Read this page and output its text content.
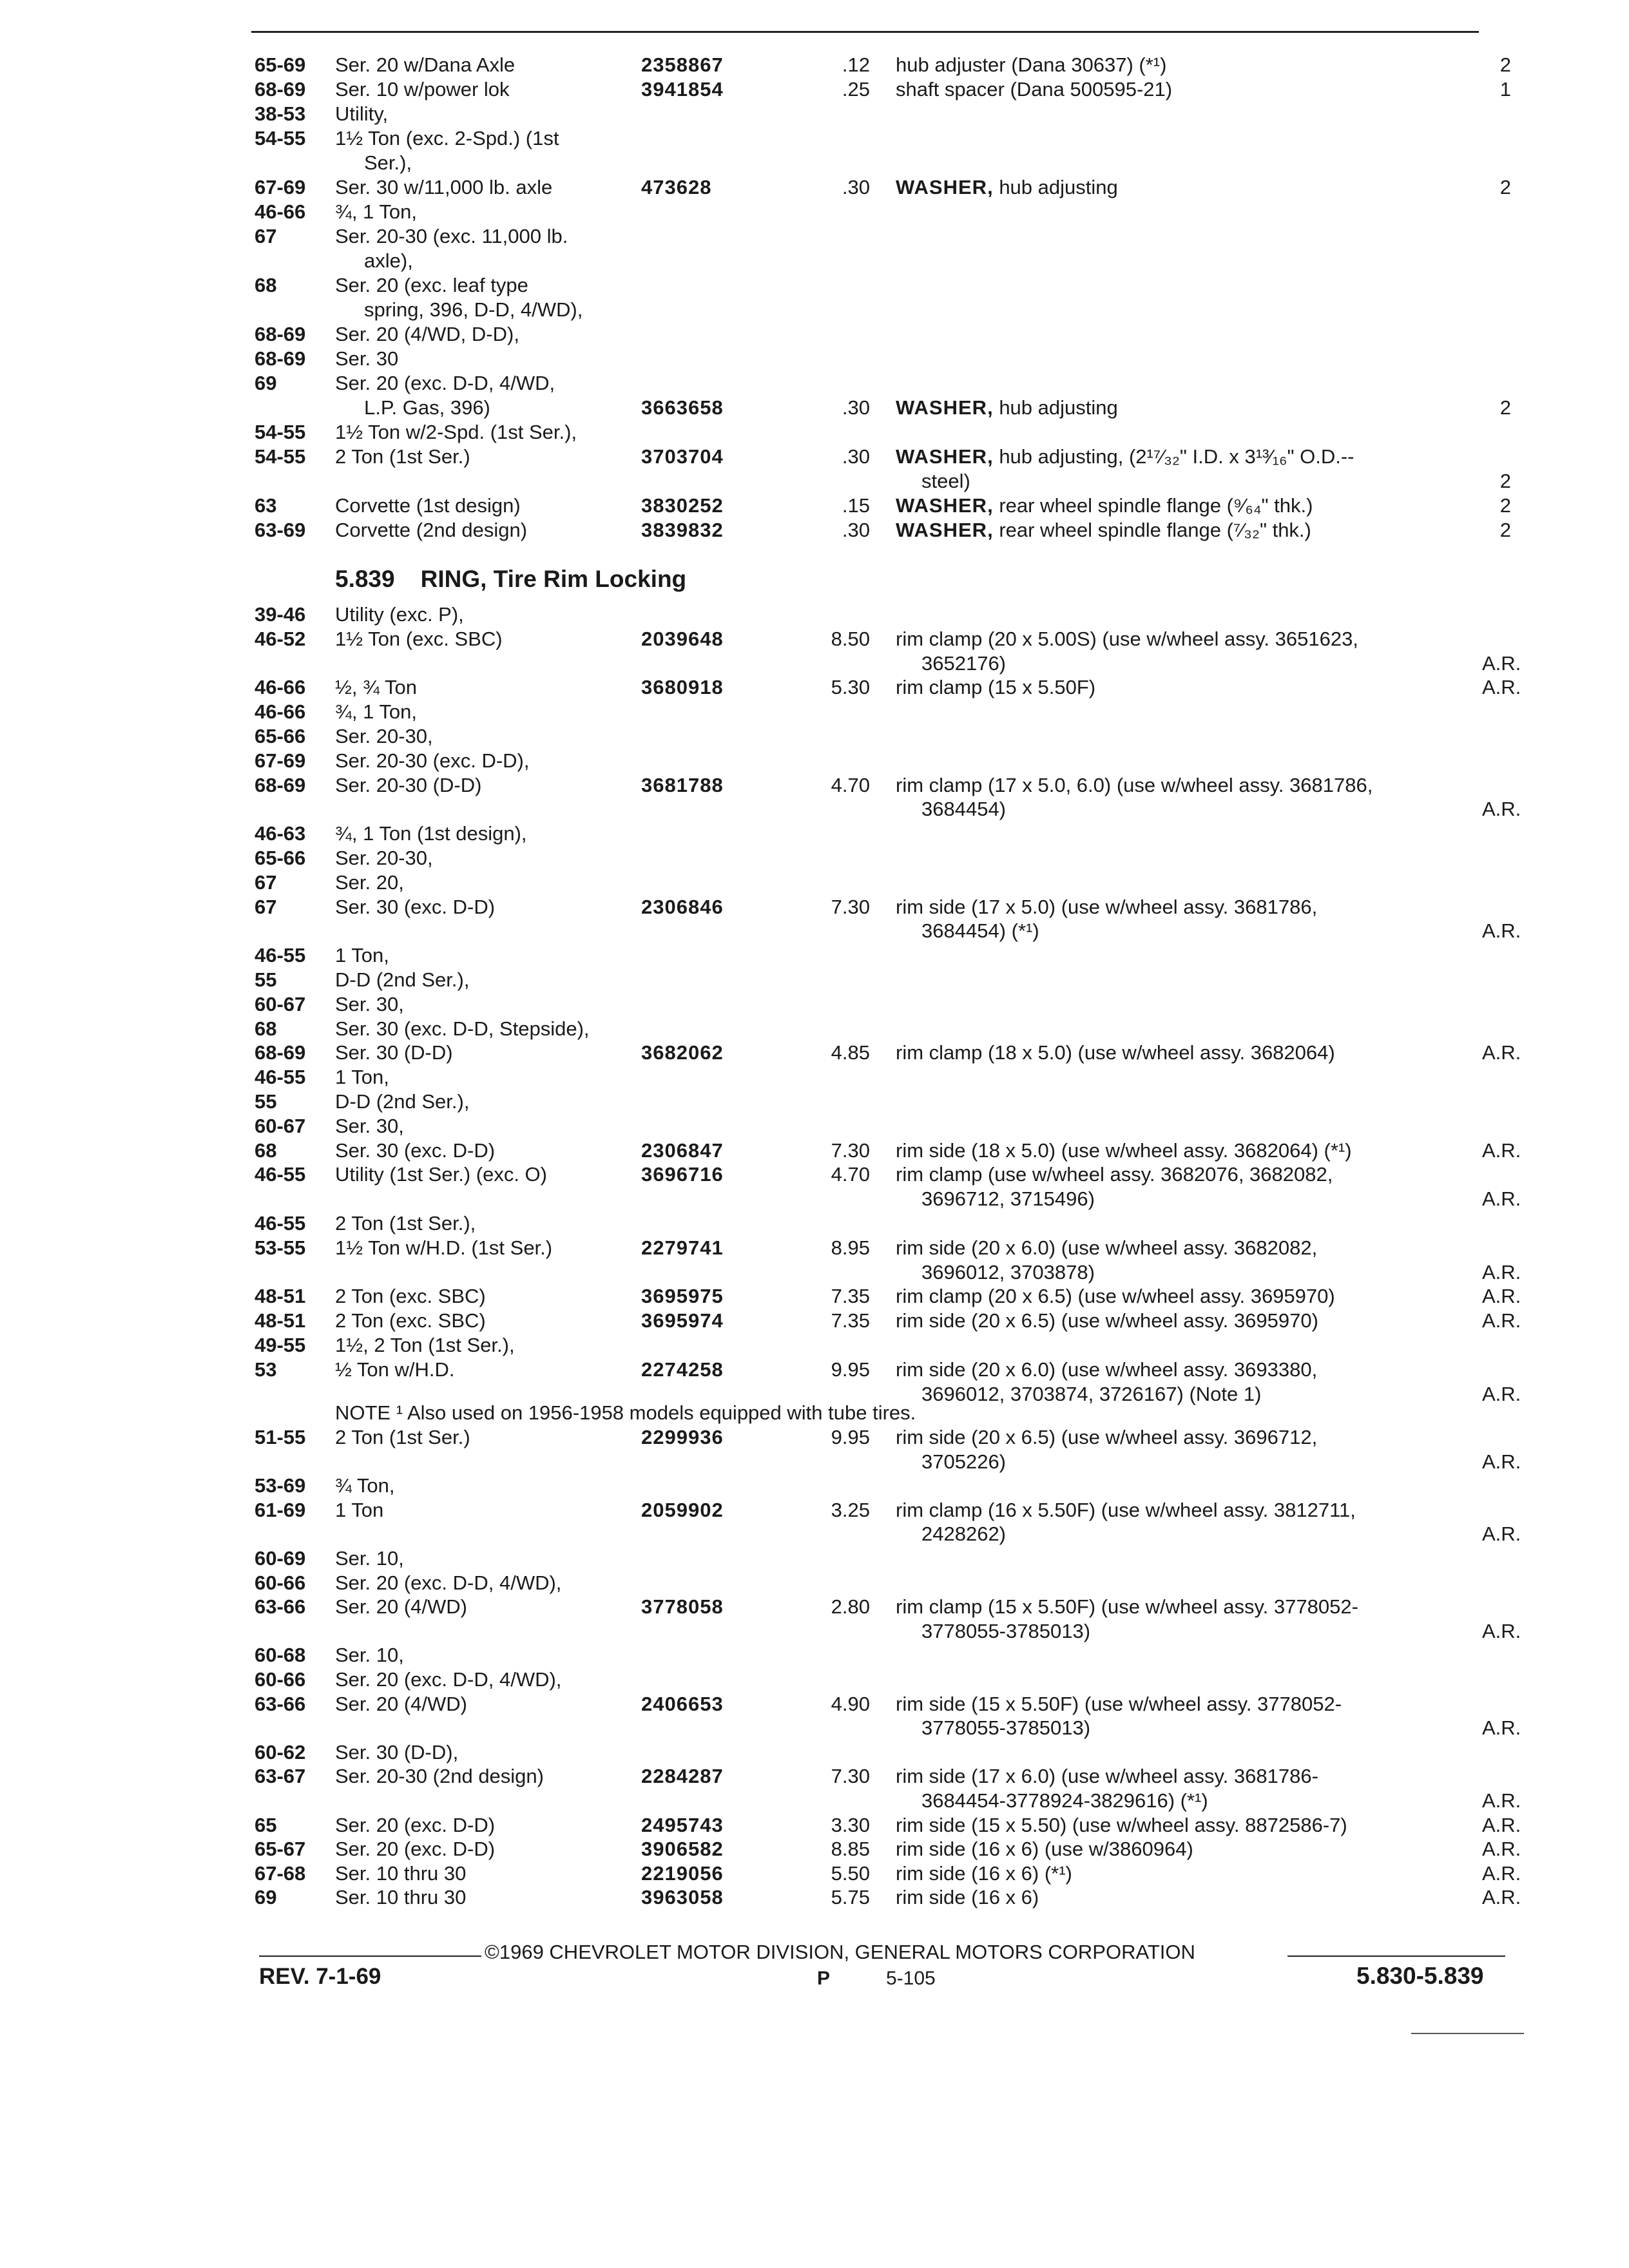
65-69	Ser. 20 w/Dana Axle	2358867	.12 hub adjuster (Dana 30637) (*¹)	2
68-69	Ser. 10 w/power lok	3941854	.25 shaft spacer (Dana 500595-21)	1
38-53	Utility,
54-55	1½ Ton (exc. 2-Spd.) (1st
Ser.),
67-69	Ser. 30 w/11,000 lb. axle	473628	.30 WASHER, hub adjusting	2
46-66	¾, 1 Ton,
67	Ser. 20-30 (exc. 11,000 lb.
axle),
68	Ser. 20 (exc. leaf type
spring, 396, D-D, 4/WD),
68-69	Ser. 20 (4/WD, D-D),
68-69	Ser. 30
69	Ser. 20 (exc. D-D, 4/WD,
L.P. Gas, 396)	3663658	.30 WASHER, hub adjusting	2
54-55	1½ Ton w/2-Spd. (1st Ser.),
54-55	2 Ton (1st Ser.)	3703704	.30 WASHER, hub adjusting, (2¹⁷⁄₃₂" I.D. x 3¹³⁄₁₆" O.D.--
steel)	2
63	Corvette (1st design)	3830252	.15 WASHER, rear wheel spindle flange (⁹⁄₆₄" thk.)	2
63-69	Corvette (2nd design)	3839832	.30 WASHER, rear wheel spindle flange (⁷⁄₃₂" thk.)	2
5.839 RING, Tire Rim Locking
39-46	Utility (exc. P),
46-52	1½ Ton (exc. SBC)	2039648	8.50 rim clamp (20 x 5.00S) (use w/wheel assy. 3651623,
3652176)	A.R.
46-66	½, ¾ Ton	3680918	5.30 rim clamp (15 x 5.50F)	A.R.
46-66	¾, 1 Ton,
65-66	Ser. 20-30,
67-69	Ser. 20-30 (exc. D-D),
68-69	Ser. 20-30 (D-D)	3681788	4.70 rim clamp (17 x 5.0, 6.0) (use w/wheel assy. 3681786,
3684454)	A.R.
46-63	¾, 1 Ton (1st design),
65-66	Ser. 20-30,
67	Ser. 20,
67	Ser. 30 (exc. D-D)	2306846	7.30 rim side (17 x 5.0) (use w/wheel assy. 3681786,
3684454) (*¹)	A.R.
46-55	1 Ton,
55	D-D (2nd Ser.),
60-67	Ser. 30,
68	Ser. 30 (exc. D-D, Stepside),
68-69	Ser. 30 (D-D)	3682062	4.85 rim clamp (18 x 5.0) (use w/wheel assy. 3682064)	A.R.
46-55	1 Ton,
55	D-D (2nd Ser.),
60-67	Ser. 30,
68	Ser. 30 (exc. D-D)	2306847	7.30 rim side (18 x 5.0) (use w/wheel assy. 3682064) (*¹)	A.R.
46-55	Utility (1st Ser.) (exc. O)	3696716	4.70 rim clamp (use w/wheel assy. 3682076, 3682082,
3696712, 3715496)	A.R.
46-55	2 Ton (1st Ser.),
53-55	1½ Ton w/H.D. (1st Ser.)	2279741	8.95 rim side (20 x 6.0) (use w/wheel assy. 3682082,
3696012, 3703878)	A.R.
48-51	2 Ton (exc. SBC)	3695975	7.35 rim clamp (20 x 6.5) (use w/wheel assy. 3695970)	A.R.
48-51	2 Ton (exc. SBC)	3695974	7.35 rim side (20 x 6.5) (use w/wheel assy. 3695970)	A.R.
49-55	1½, 2 Ton (1st Ser.),
53	½ Ton w/H.D.	2274258	9.95 rim side (20 x 6.0) (use w/wheel assy. 3693380,
3696012, 3703874, 3726167) (Note 1)	A.R.
NOTE ¹ Also used on 1956-1958 models equipped with tube tires.
51-55	2 Ton (1st Ser.)	2299936	9.95 rim side (20 x 6.5) (use w/wheel assy. 3696712,
3705226)	A.R.
53-69	¾ Ton,
61-69	1 Ton	2059902	3.25 rim clamp (16 x 5.50F) (use w/wheel assy. 3812711,
2428262)	A.R.
60-69	Ser. 10,
60-66	Ser. 20 (exc. D-D, 4/WD),
63-66	Ser. 20 (4/WD)	3778058	2.80 rim clamp (15 x 5.50F) (use w/wheel assy. 3778052-
3778055-3785013)	A.R.
60-68	Ser. 10,
60-66	Ser. 20 (exc. D-D, 4/WD),
63-66	Ser. 20 (4/WD)	2406653	4.90 rim side (15 x 5.50F) (use w/wheel assy. 3778052-
3778055-3785013)	A.R.
60-62	Ser. 30 (D-D),
63-67	Ser. 20-30 (2nd design)	2284287	7.30 rim side (17 x 6.0) (use w/wheel assy. 3681786-
3684454-3778924-3829616) (*¹)	A.R.
65	Ser. 20 (exc. D-D)	2495743	3.30 rim side (15 x 5.50) (use w/wheel assy. 8872586-7)	A.R.
65-67	Ser. 20 (exc. D-D)	3906582	8.85 rim side (16 x 6) (use w/3860964)	A.R.
67-68	Ser. 10 thru 30	2219056	5.50 rim side (16 x 6) (*¹)	A.R.
69	Ser. 10 thru 30	3963058	5.75 rim side (16 x 6)	A.R.
©1969 CHEVROLET MOTOR DIVISION, GENERAL MOTORS CORPORATION
REV. 7-1-69	P	5-105	5.830-5.839
